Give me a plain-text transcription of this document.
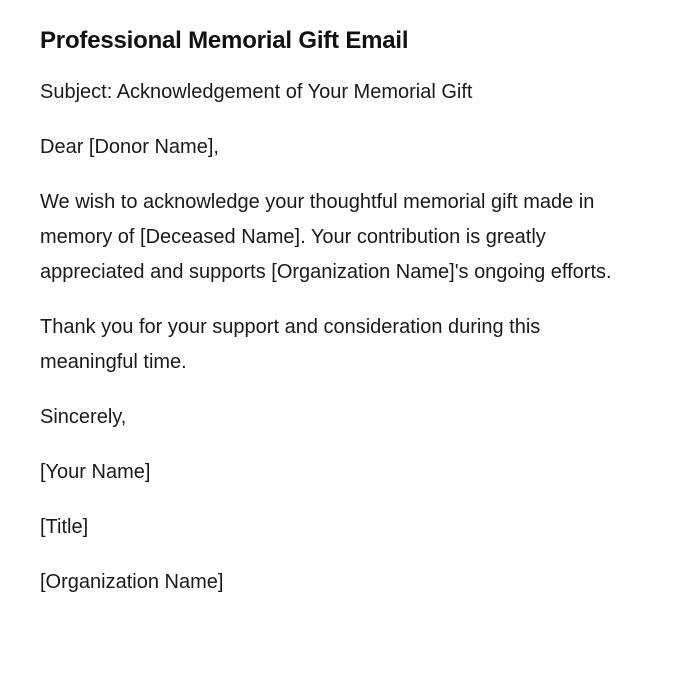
Professional Memorial Gift Email

Subject: Acknowledgement of Your Memorial Gift

Dear [Donor Name],

We wish to acknowledge your thoughtful memorial gift made in memory of [Deceased Name]. Your contribution is greatly appreciated and supports [Organization Name]'s ongoing efforts.

Thank you for your support and consideration during this meaningful time.

Sincerely,

[Your Name]

[Title]

[Organization Name]
